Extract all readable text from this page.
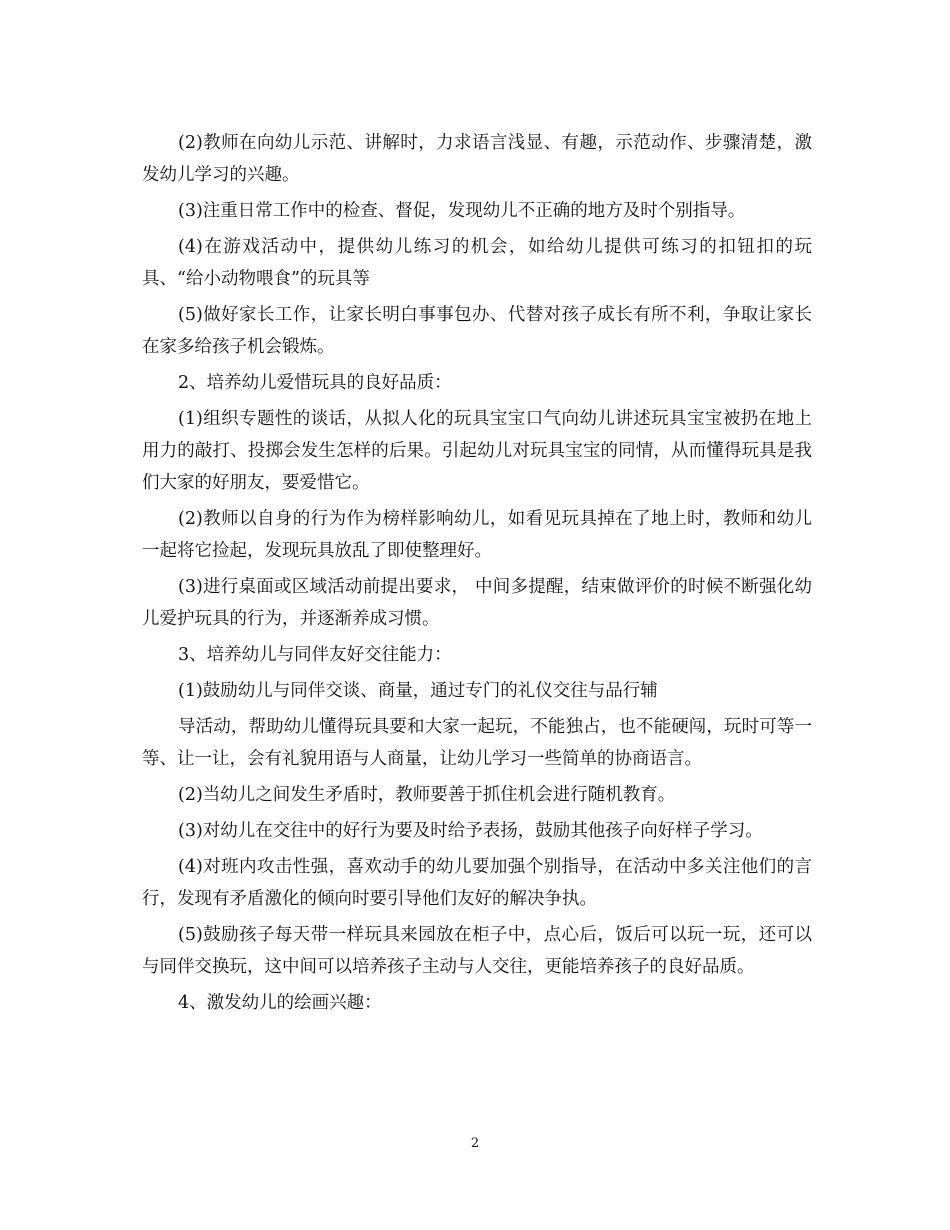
(2)教师在向幼儿示范、讲解时，力求语言浅显、有趣，示范动作、步骤清楚，激发幼儿学习的兴趣。

(3)注重日常工作中的检查、督促，发现幼儿不正确的地方及时个别指导。

(4)在游戏活动中，提供幼儿练习的机会，如给幼儿提供可练习的扣钮扣的玩具、“给小动物喂食”的玩具等

(5)做好家长工作，让家长明白事事包办、代替对孩子成长有所不利，争取让家长在家多给孩子机会锻炼。

2、培养幼儿爱惜玩具的良好品质：

(1)组织专题性的谈话，从拟人化的玩具宝宝口气向幼儿讲述玩具宝宝被扔在地上用力的敲打、投掷会发生怎样的后果。引起幼儿对玩具宝宝的同情，从而懂得玩具是我们大家的好朋友，要爱惜它。

(2)教师以自身的行为作为榜样影响幼儿，如看见玩具掉在了地上时，教师和幼儿一起将它捡起，发现玩具放乱了即使整理好。

(3)进行桌面或区域活动前提出要求， 中间多提醒，结束做评价的时候不断强化幼儿爱护玩具的行为，并逐渐养成习惯。

3、培养幼儿与同伴友好交往能力：

(1)鼓励幼儿与同伴交谈、商量，通过专门的礼仪交往与品行辅

导活动，帮助幼儿懂得玩具要和大家一起玩，不能独占，也不能硬闯，玩时可等一等、让一让，会有礼貌用语与人商量，让幼儿学习一些简单的协商语言。

(2)当幼儿之间发生矛盾时，教师要善于抓住机会进行随机教育。

(3)对幼儿在交往中的好行为要及时给予表扬，鼓励其他孩子向好样子学习。

(4)对班内攻击性强，喜欢动手的幼儿要加强个别指导，在活动中多关注他们的言行，发现有矛盾激化的倾向时要引导他们友好的解决争执。

(5)鼓励孩子每天带一样玩具来园放在柜子中，点心后，饭后可以玩一玩，还可以与同伴交换玩，这中间可以培养孩子主动与人交往，更能培养孩子的良好品质。

4、激发幼儿的绘画兴趣：

2
